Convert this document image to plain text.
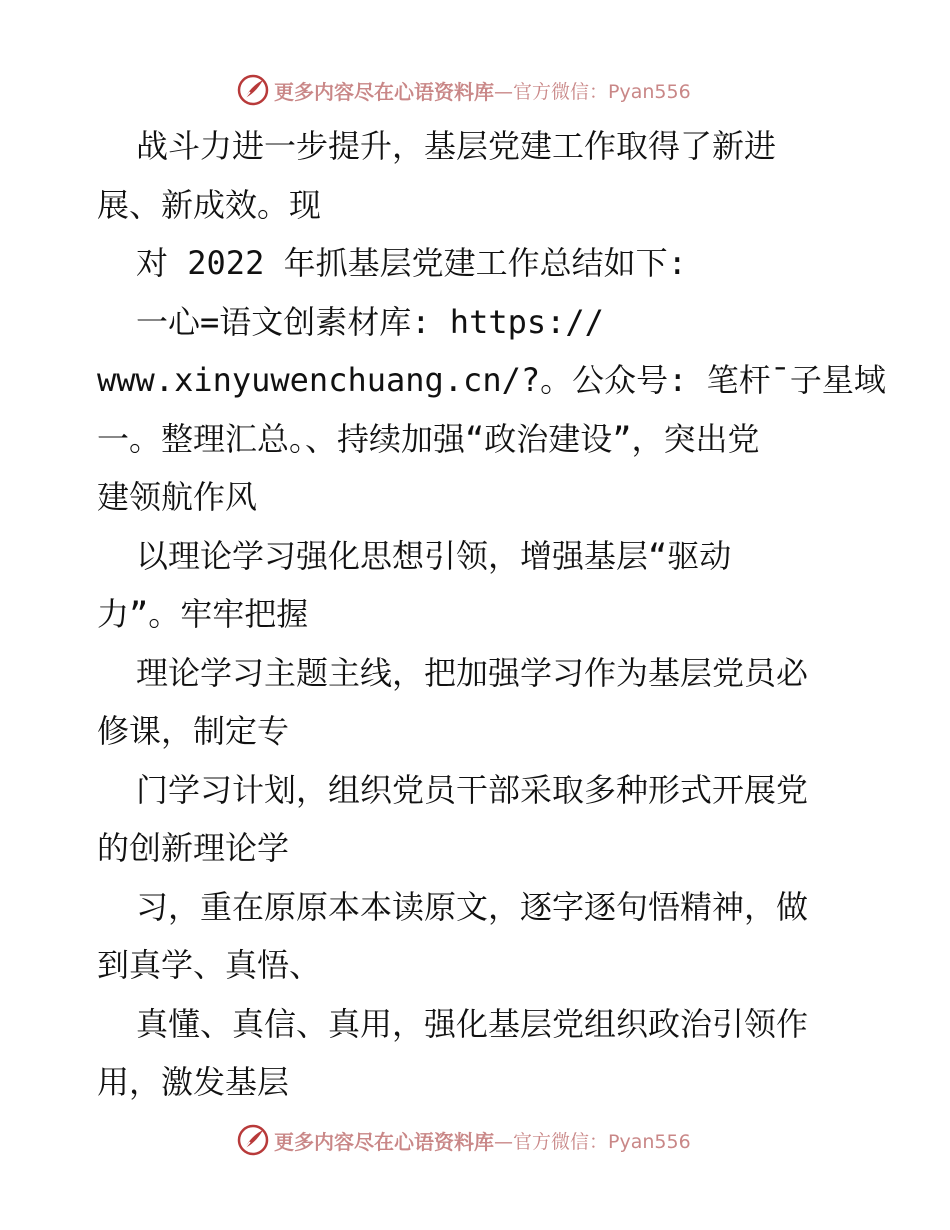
更多内容尽在心语资料库 —官方微信：Pyan556
战斗力进一步提升，基层党建工作取得了新进
展、新成效。现
对 2022 年抓基层党建工作总结如下:
一心=语文创素材库: https://
www.xinyuwenchuang.cn/?。公众号: 笔杆¯子星域
一。整理汇总。、持续加强“政治建设”，突出党
建领航作风
以理论学习强化思想引领，增强基层“驱动
力”。牢牢把握
理论学习主题主线，把加强学习作为基层党员必
修课，制定专
门学习计划，组织党员干部采取多种形式开展党
的创新理论学
习，重在原原本本读原文，逐字逐句悟精神，做
到真学、真悟、
真懂、真信、真用，强化基层党组织政治引领作
用，激发基层
更多内容尽在心语资料库 —官方微信：Pyan556
